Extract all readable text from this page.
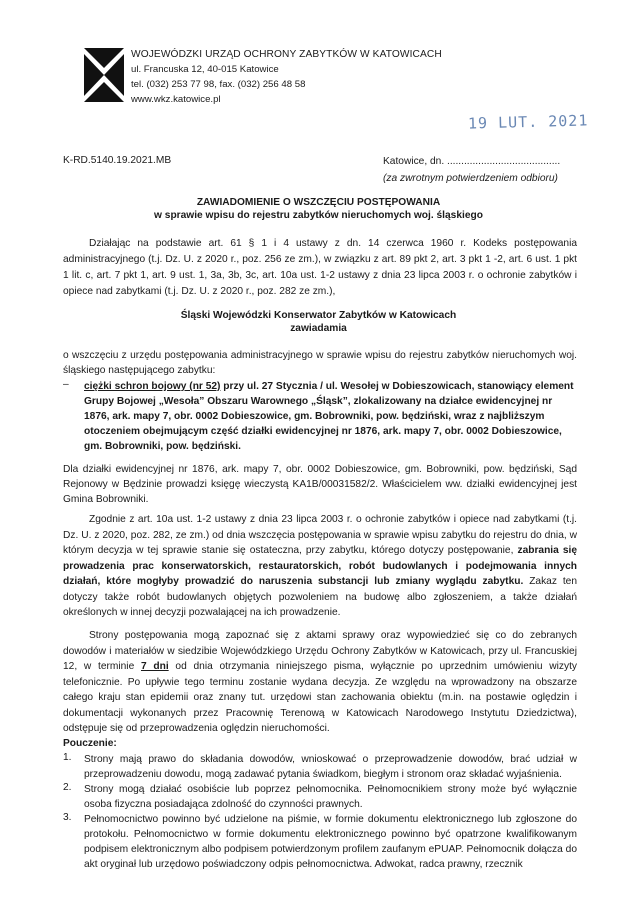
WOJEWÓDZKI URZĄD OCHRONY ZABYTKÓW W KATOWICACH
ul. Francuska 12, 40-015 Katowice
tel. (032) 253 77 98, fax. (032) 256 48 58
www.wkz.katowice.pl
19 LUT. 2021
K-RD.5140.19.2021.MB	Katowice, dn. ........................................
(za zwrotnym potwierdzeniem odbioru)
ZAWIADOMIENIE O WSZCZĘCIU POSTĘPOWANIA
w sprawie wpisu do rejestru zabytków nieruchomych woj. śląskiego
Działając na podstawie art. 61 § 1 i 4 ustawy z dn. 14 czerwca 1960 r. Kodeks postępowania administracyjnego (t.j. Dz. U. z 2020 r., poz. 256 ze zm.), w związku z art. 89 pkt 2, art. 3 pkt 1 -2, art. 6 ust. 1 pkt 1 lit. c, art. 7 pkt 1, art. 9 ust. 1, 3a, 3b, 3c, art. 10a ust. 1-2 ustawy z dnia 23 lipca 2003 r. o ochronie zabytków i opiece nad zabytkami (t.j. Dz. U. z 2020 r., poz. 282 ze zm.),
Śląski Wojewódzki Konserwator Zabytków w Katowicach
zawiadamia
o wszczęciu z urzędu postępowania administracyjnego w sprawie wpisu do rejestru zabytków nieruchomych woj. śląskiego następującego zabytku:
– ciężki schron bojowy (nr 52) przy ul. 27 Stycznia / ul. Wesołej w Dobieszowicach, stanowiący element Grupy Bojowej „Wesoła” Obszaru Warownego „Śląsk”, zlokalizowany na działce ewidencyjnej nr 1876, ark. mapy 7, obr. 0002 Dobieszowice, gm. Bobrowniki, pow. będziński, wraz z najbliższym otoczeniem obejmującym część działki ewidencyjnej nr 1876, ark. mapy 7, obr. 0002 Dobieszowice, gm. Bobrowniki, pow. będziński.
Dla działki ewidencyjnej nr 1876, ark. mapy 7, obr. 0002 Dobieszowice, gm. Bobrowniki, pow. będziński, Sąd Rejonowy w Będzinie prowadzi księgę wieczystą KA1B/00031582/2. Właścicielem ww. działki ewidencyjnej jest Gmina Bobrowniki.
Zgodnie z art. 10a ust. 1-2 ustawy z dnia 23 lipca 2003 r. o ochronie zabytków i opiece nad zabytkami (t.j. Dz. U. z 2020, poz. 282, ze zm.) od dnia wszczęcia postępowania w sprawie wpisu zabytku do rejestru do dnia, w którym decyzja w tej sprawie stanie się ostateczna, przy zabytku, którego dotyczy postępowanie, zabrania się prowadzenia prac konserwatorskich, restauratorskich, robót budowlanych i podejmowania innych działań, które mogłyby prowadzić do naruszenia substancji lub zmiany wyglądu zabytku. Zakaz ten dotyczy także robót budowlanych objętych pozwoleniem na budowę albo zgłoszeniem, a także działań określonych w innej decyzji pozwalającej na ich prowadzenie.
Strony postępowania mogą zapoznać się z aktami sprawy oraz wypowiedzieć się co do zebranych dowodów i materiałów w siedzibie Wojewódzkiego Urzędu Ochrony Zabytków w Katowicach, przy ul. Francuskiej 12, w terminie 7 dni od dnia otrzymania niniejszego pisma, wyłącznie po uprzednim umówieniu wizyty telefonicznie. Po upływie tego terminu zostanie wydana decyzja. Ze względu na wprowadzony na obszarze całego kraju stan epidemii oraz znany tut. urzędowi stan zachowania obiektu (m.in. na postawie oględzin i dokumentacji wykonanych przez Pracownię Terenową w Katowicach Narodowego Instytutu Dziedzictwa), odstępuje się od przeprowadzenia oględzin nieruchomości.
Pouczenie:
1. Strony mają prawo do składania dowodów, wnioskować o przeprowadzenie dowodów, brać udział w przeprowadzeniu dowodu, mogą zadawać pytania świadkom, biegłym i stronom oraz składać wyjaśnienia.
2. Strony mogą działać osobiście lub poprzez pełnomocnika. Pełnomocnikiem strony może być wyłącznie osoba fizyczna posiadająca zdolność do czynności prawnych.
3. Pełnomocnictwo powinno być udzielone na piśmie, w formie dokumentu elektronicznego lub zgłoszone do protokołu. Pełnomocnictwo w formie dokumentu elektronicznego powinno być opatrzone kwalifikowanym podpisem elektronicznym albo podpisem potwierdzonym profilem zaufanym ePUAP. Pełnomocnik dołącza do akt oryginał lub urzędowo poświadczony odpis pełnomocnictwa. Adwokat, radca prawny, rzecznik
